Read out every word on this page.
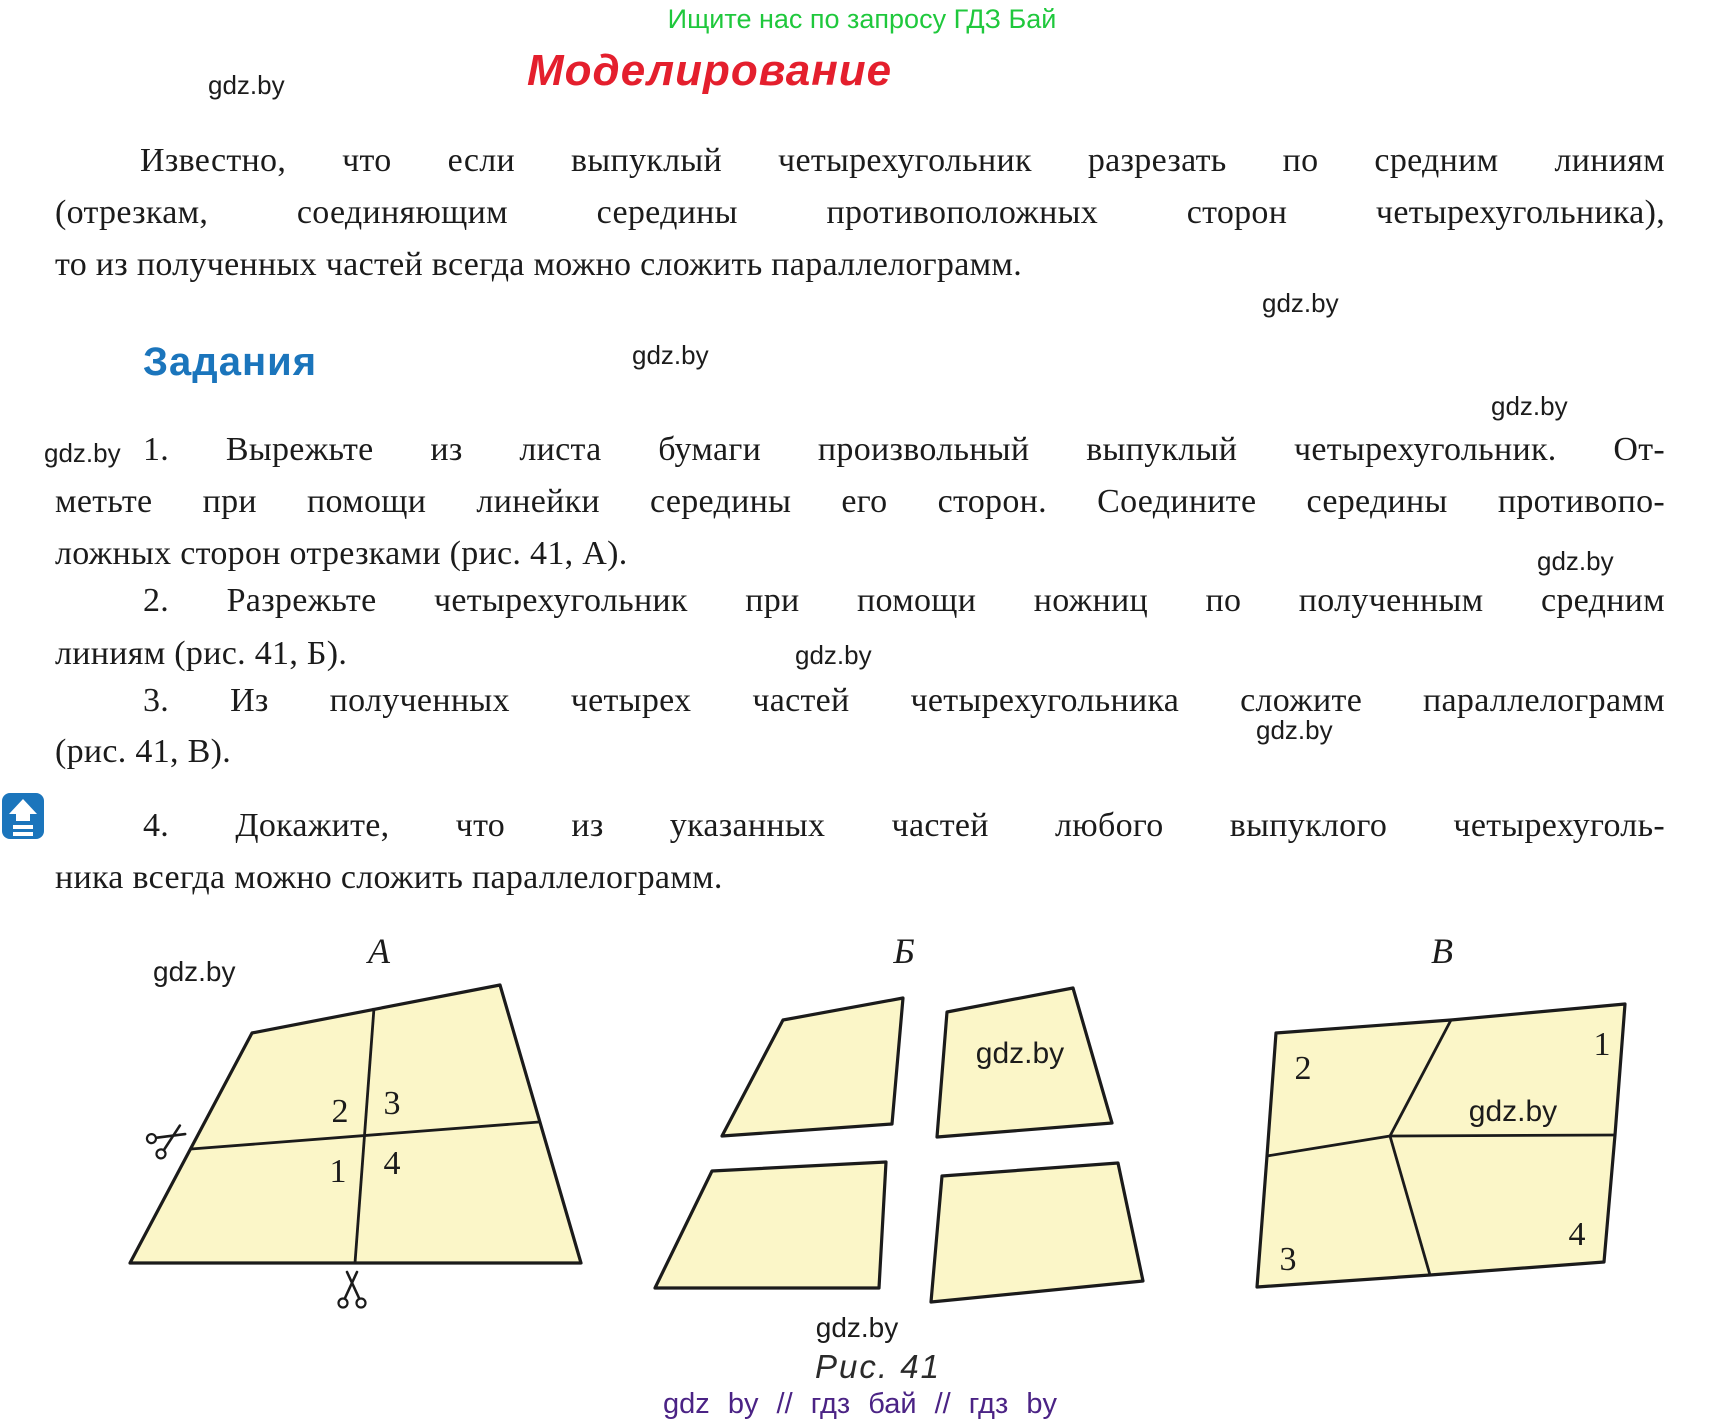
Ищите нас по запросу ГДЗ Бай
Моделирование
gdz.by
gdz.by
gdz.by
gdz.by
gdz.by
gdz.by
gdz.by
gdz.by
gdz.by
gdz.by
Известно, что если выпуклый четырехугольник разрезать по средним линиям
(отрезкам, соединяющим середины противоположных сторон четырехугольника),
то из полученных частей всегда можно сложить параллелограмм.
Задания
1. Вырежьте из листа бумаги произвольный выпуклый четырехугольник. От-
метьте при помощи линейки середины его сторон. Соедините середины противопо-
ложных сторон отрезками (рис. 41, А).
2. Разрежьте четырехугольник при помощи ножниц по полученным средним
линиям (рис. 41, Б).
3. Из полученных четырех частей четырехугольника сложите параллелограмм
(рис. 41, В).
4. Докажите, что из указанных частей любого выпуклого четырехуголь-
ника всегда можно сложить параллелограмм.
А
2 3
1 4
Б
gdz.by
В
2
1
3
4
gdz.by
Рис. 41
gdz by // гдз бай // гдз by
